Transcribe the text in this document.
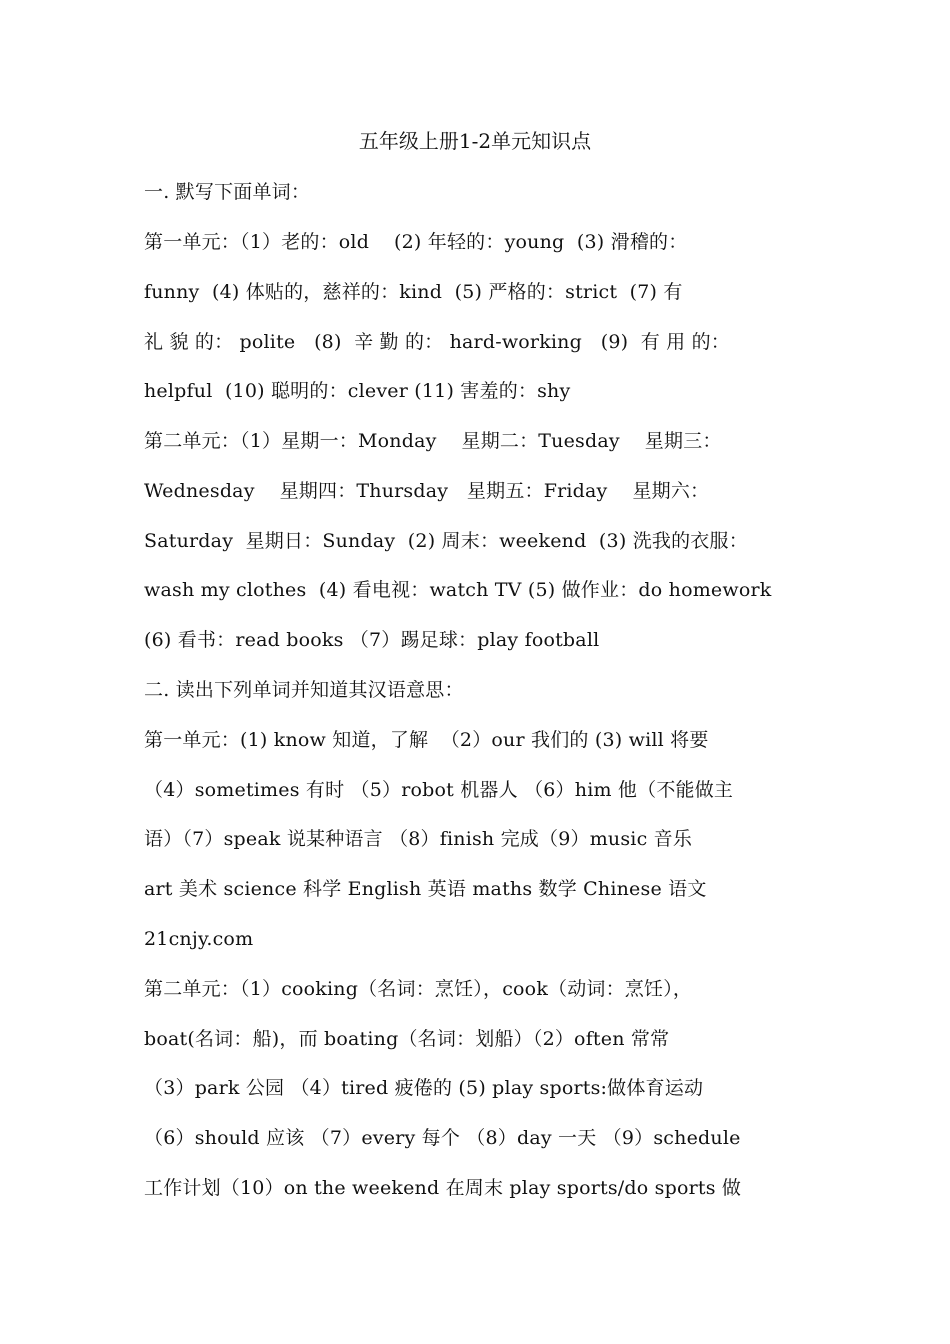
五年级上册1-2单元知识点
一. 默写下面单词：
第一单元：（1）老的：old    (2) 年轻的：young  (3) 滑稽的：
funny  (4) 体贴的，慈祥的：kind  (5) 严格的：strict  (7) 有
礼 貌 的： polite   (8)  辛 勤 的： hard-working   (9)  有 用 的：
helpful  (10) 聪明的：clever (11) 害羞的：shy
第二单元：（1）星期一：Monday    星期二：Tuesday    星期三：
Wednesday    星期四：Thursday   星期五：Friday    星期六：
Saturday  星期日：Sunday  (2) 周末：weekend  (3) 洗我的衣服：
wash my clothes  (4) 看电视：watch TV (5) 做作业：do homework
(6) 看书：read books （7）踢足球：play football
二. 读出下列单词并知道其汉语意思：
第一单元：(1) know 知道，了解  （2）our 我们的 (3) will 将要
（4）sometimes 有时 （5）robot 机器人 （6）him 他（不能做主
语）（7）speak 说某种语言 （8）finish 完成（9）music 音乐
art 美术 science 科学 English 英语 maths 数学 Chinese 语文
21cnjy.com
第二单元：（1）cooking（名词：烹饪），cook（动词：烹饪），
boat(名词：船)，而 boating（名词：划船）（2）often 常常
（3）park 公园 （4）tired 疲倦的 (5) play sports:做体育运动
（6）should 应该 （7）every 每个 （8）day 一天 （9）schedule
工作计划（10）on the weekend 在周末 play sports/do sports 做
